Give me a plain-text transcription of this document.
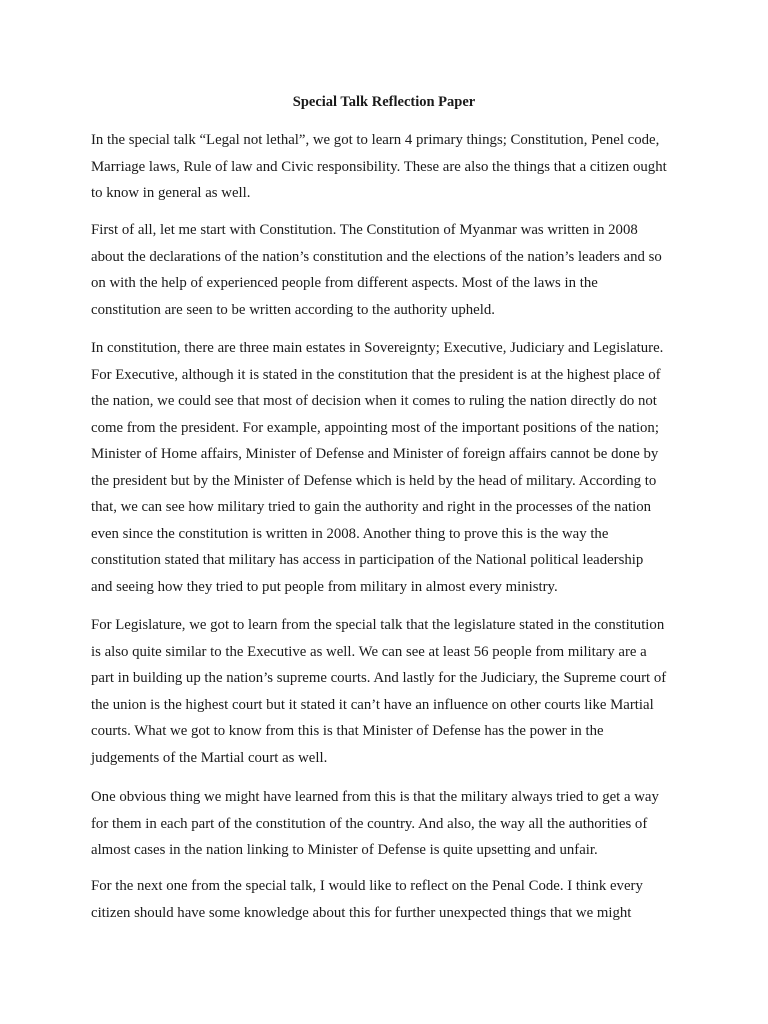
Special Talk Reflection Paper

In the special talk “Legal not lethal”, we got to learn 4 primary things; Constitution, Penel code,
Marriage laws, Rule of law and Civic responsibility. These are also the things that a citizen ought
to know in general as well.

First of all, let me start with Constitution. The Constitution of Myanmar was written in 2008
about the declarations of the nation’s constitution and the elections of the nation’s leaders and so
on with the help of experienced people from different aspects. Most of the laws in the
constitution are seen to be written according to the authority upheld.

In constitution, there are three main estates in Sovereignty; Executive, Judiciary and Legislature.
For Executive, although it is stated in the constitution that the president is at the highest place of
the nation, we could see that most of decision when it comes to ruling the nation directly do not
come from the president. For example, appointing most of the important positions of the nation;
Minister of Home affairs, Minister of Defense and Minister of foreign affairs cannot be done by
the president but by the Minister of Defense which is held by the head of military. According to
that, we can see how military tried to gain the authority and right in the processes of the nation
even since the constitution is written in 2008. Another thing to prove this is the way the
constitution stated that military has access in participation of the National political leadership
and seeing how they tried to put people from military in almost every ministry.

For Legislature, we got to learn from the special talk that the legislature stated in the constitution
is also quite similar to the Executive as well. We can see at least 56 people from military are a
part in building up the nation’s supreme courts. And lastly for the Judiciary, the Supreme court of
the union is the highest court but it stated it can’t have an influence on other courts like Martial
courts. What we got to know from this is that Minister of Defense has the power in the
judgements of the Martial court as well.

One obvious thing we might have learned from this is that the military always tried to get a way
for them in each part of the constitution of the country. And also, the way all the authorities of
almost cases in the nation linking to Minister of Defense is quite upsetting and unfair.

For the next one from the special talk, I would like to reflect on the Penal Code. I think every
citizen should have some knowledge about this for further unexpected things that we might
